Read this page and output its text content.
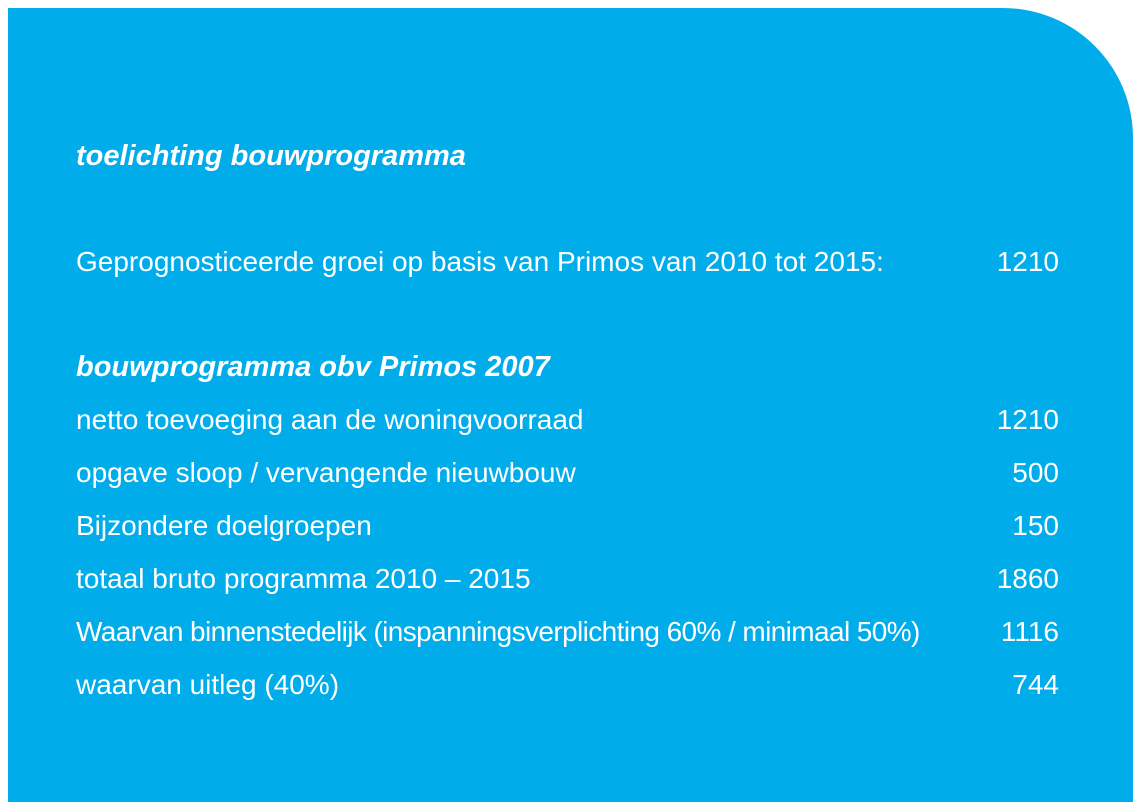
toelichting bouwprogramma
Geprognosticeerde groei op basis van Primos van 2010 tot 2015:	1210
bouwprogramma obv Primos 2007
netto toevoeging aan de woningvoorraad	1210
opgave sloop / vervangende nieuwbouw	500
Bijzondere doelgroepen	150
totaal bruto programma 2010 – 2015	1860
Waarvan binnenstedelijk (inspanningsverplichting 60% / minimaal 50%)	1116
waarvan uitleg (40%)	744
